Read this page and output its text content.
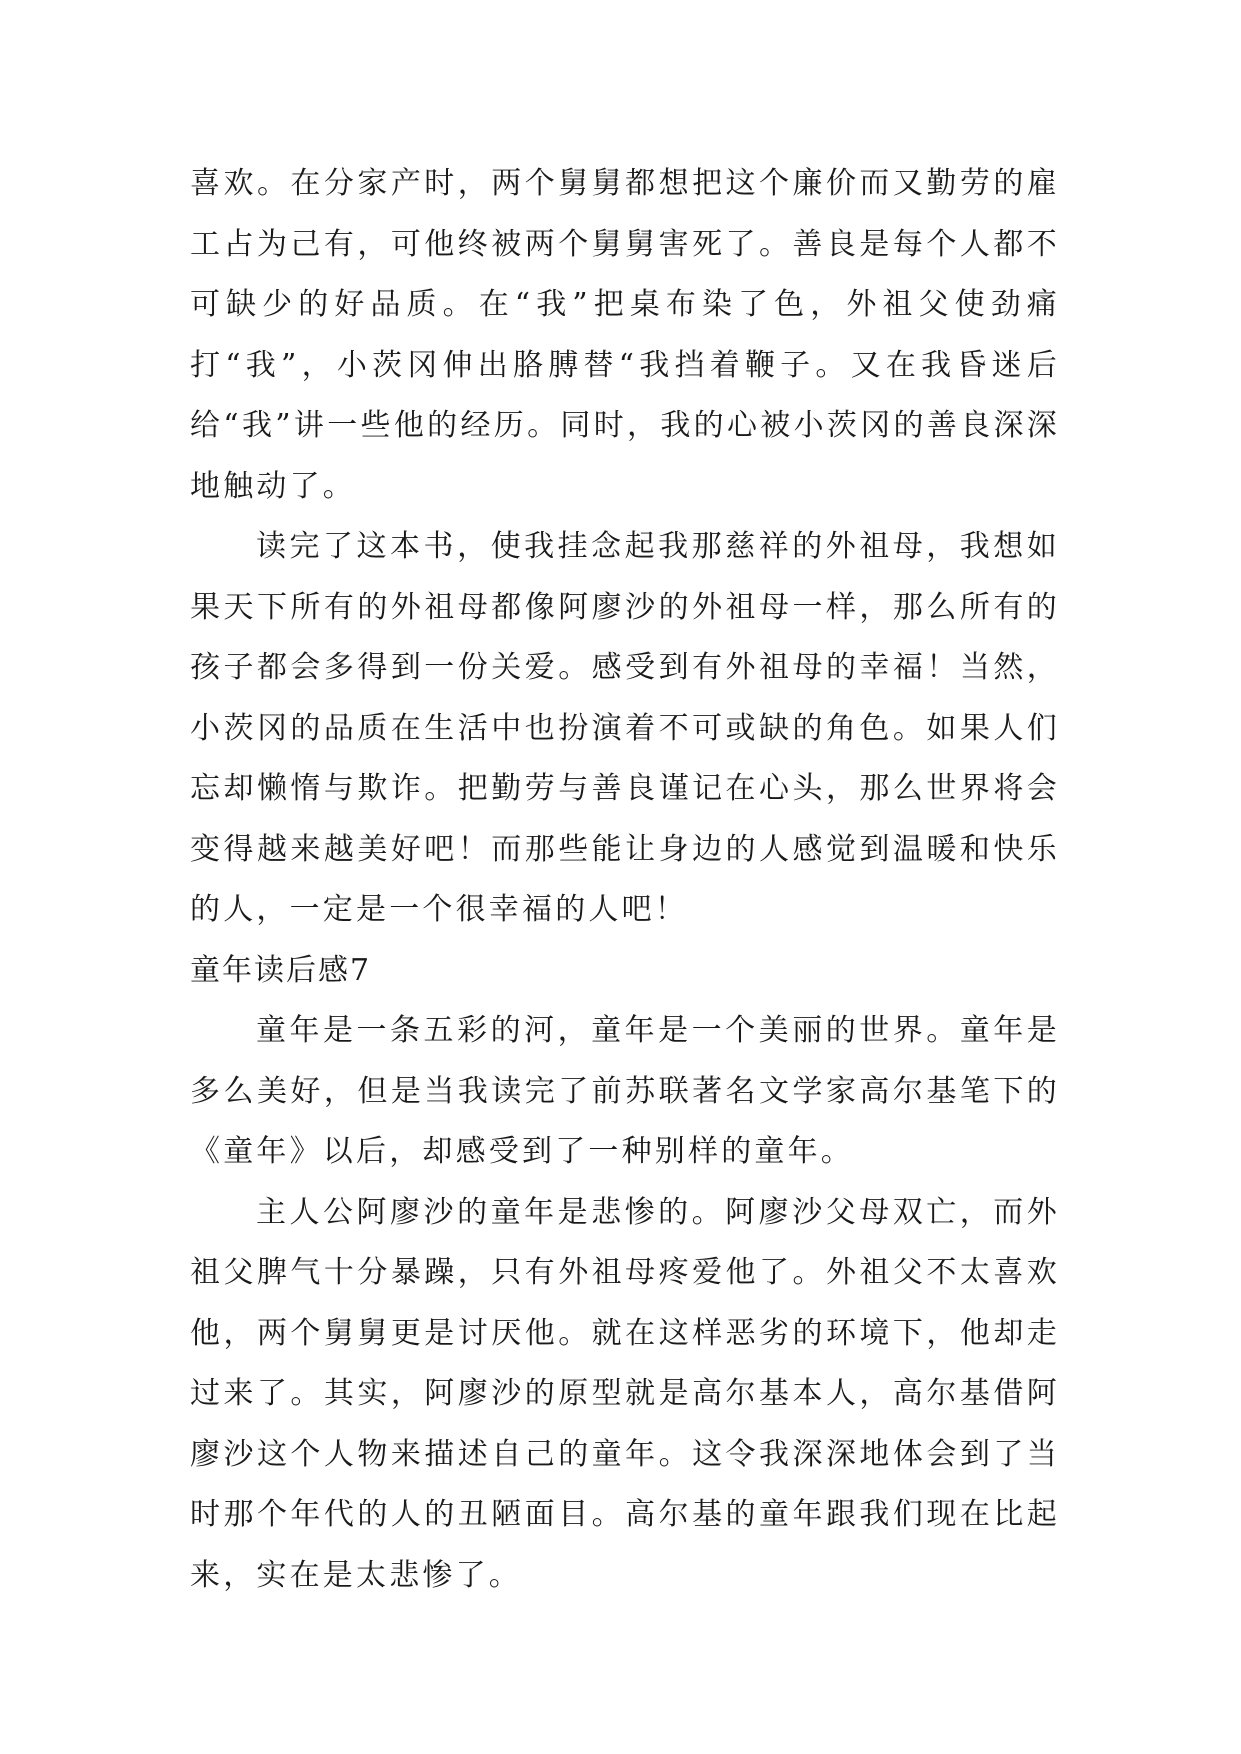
喜欢。在分家产时，两个舅舅都想把这个廉价而又勤劳的雇工占为己有，可他终被两个舅舅害死了。善良是每个人都不可缺少的好品质。在“我”把桌布染了色，外祖父使劲痛打“我”，小茨冈伸出胳膊替“我挡着鞭子。又在我昏迷后给“我”讲一些他的经历。同时，我的心被小茨冈的善良深深地触动了。

读完了这本书，使我挂念起我那慈祥的外祖母，我想如果天下所有的外祖母都像阿廖沙的外祖母一样，那么所有的孩子都会多得到一份关爱。感受到有外祖母的幸福！当然，小茨冈的品质在生活中也扮演着不可或缺的角色。如果人们忘却懒惰与欺诈。把勤劳与善良谨记在心头，那么世界将会变得越来越美好吧！而那些能让身边的人感觉到温暖和快乐的人，一定是一个很幸福的人吧！

童年读后感7

童年是一条五彩的河，童年是一个美丽的世界。童年是多么美好，但是当我读完了前苏联著名文学家高尔基笔下的《童年》以后，却感受到了一种别样的童年。

主人公阿廖沙的童年是悲惨的。阿廖沙父母双亡，而外祖父脾气十分暴躁，只有外祖母疼爱他了。外祖父不太喜欢他，两个舅舅更是讨厌他。就在这样恶劣的环境下，他却走过来了。其实，阿廖沙的原型就是高尔基本人，高尔基借阿廖沙这个人物来描述自己的童年。这令我深深地体会到了当时那个年代的人的丑陋面目。高尔基的童年跟我们现在比起来，实在是太悲惨了。
